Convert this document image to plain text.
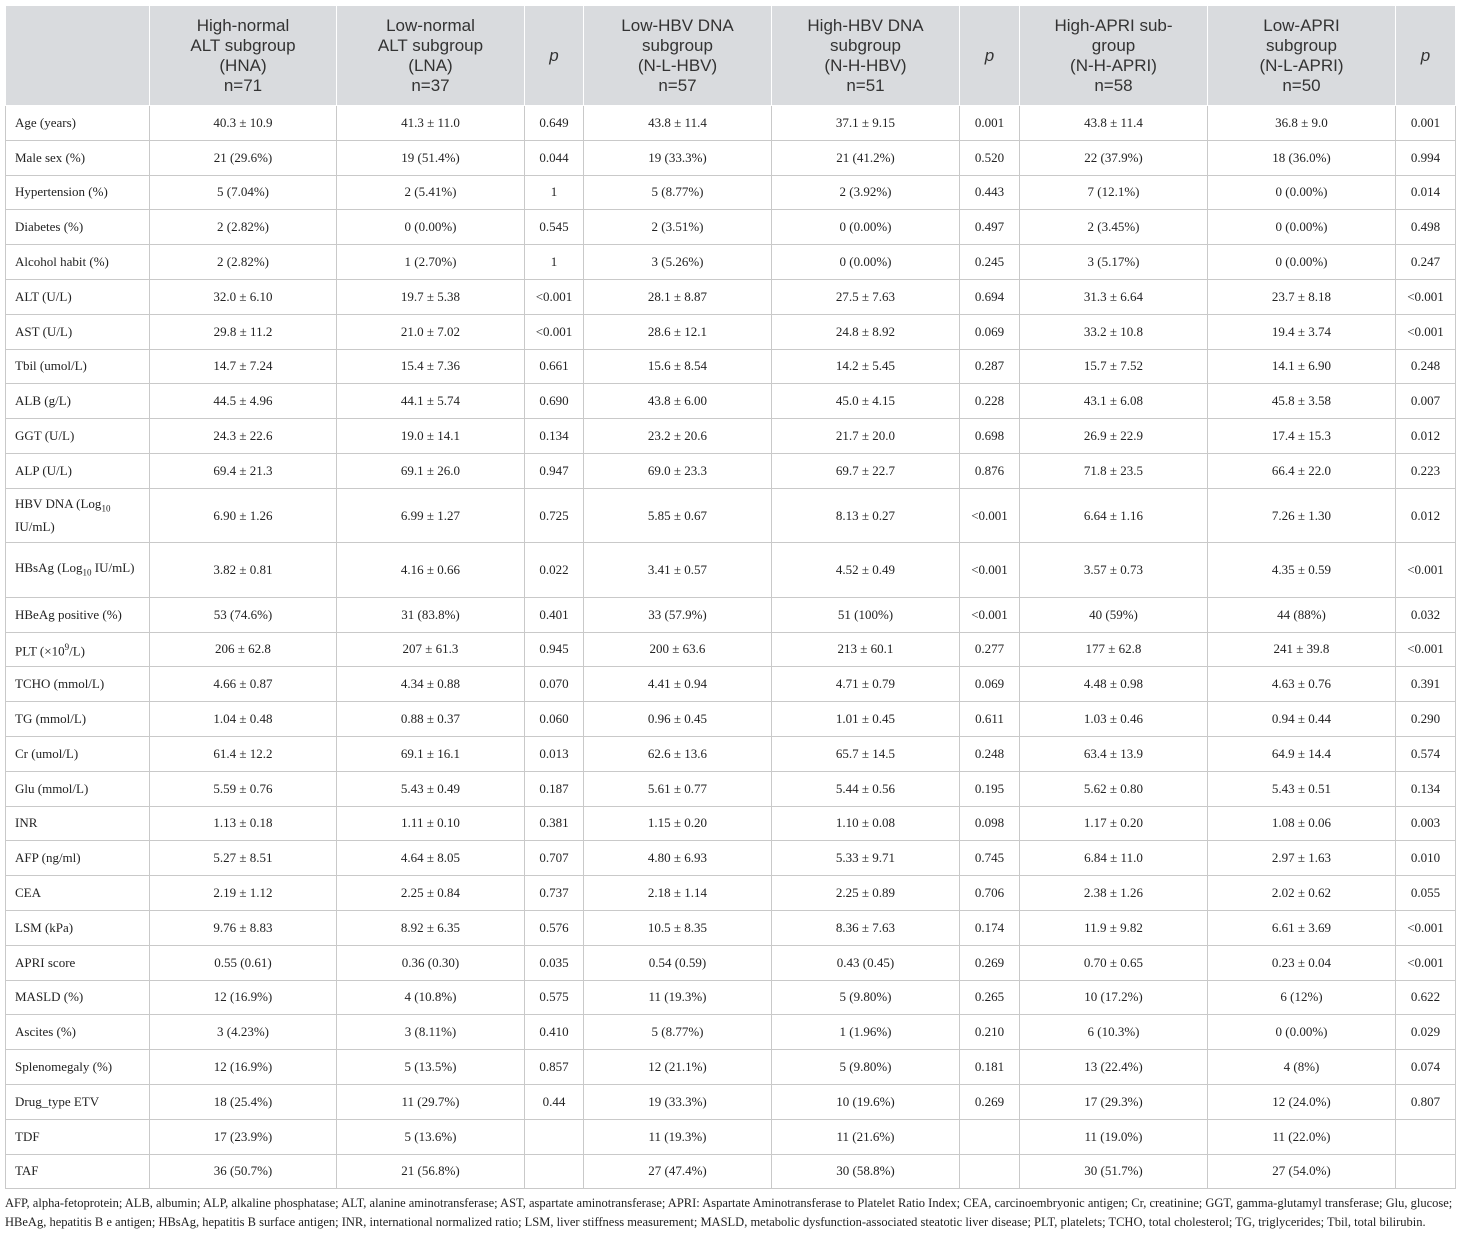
	High-normal
ALT subgroup
(HNA)
n=71	Low-normal
ALT subgroup
(LNA)
n=37	p	Low-HBV DNA
subgroup
(N-L-HBV)
n=57	High-HBV DNA
subgroup
(N-H-HBV)
n=51	p	High-APRI sub-
group
(N-H-APRI)
n=58	Low-APRI
subgroup
(N-L-APRI)
n=50	p

Age (years)	40.3 ± 10.9	41.3 ± 11.0	0.649	43.8 ± 11.4	37.1 ± 9.15	0.001	43.8 ± 11.4	36.8 ± 9.0	0.001
Male sex (%)	21 (29.6%)	19 (51.4%)	0.044	19 (33.3%)	21 (41.2%)	0.520	22 (37.9%)	18 (36.0%)	0.994
Hypertension (%)	5 (7.04%)	2 (5.41%)	1	5 (8.77%)	2 (3.92%)	0.443	7 (12.1%)	0 (0.00%)	0.014
Diabetes (%)	2 (2.82%)	0 (0.00%)	0.545	2 (3.51%)	0 (0.00%)	0.497	2 (3.45%)	0 (0.00%)	0.498
Alcohol habit (%)	2 (2.82%)	1 (2.70%)	1	3 (5.26%)	0 (0.00%)	0.245	3 (5.17%)	0 (0.00%)	0.247
ALT (U/L)	32.0 ± 6.10	19.7 ± 5.38	<0.001	28.1 ± 8.87	27.5 ± 7.63	0.694	31.3 ± 6.64	23.7 ± 8.18	<0.001
AST (U/L)	29.8 ± 11.2	21.0 ± 7.02	<0.001	28.6 ± 12.1	24.8 ± 8.92	0.069	33.2 ± 10.8	19.4 ± 3.74	<0.001
Tbil (umol/L)	14.7 ± 7.24	15.4 ± 7.36	0.661	15.6 ± 8.54	14.2 ± 5.45	0.287	15.7 ± 7.52	14.1 ± 6.90	0.248
ALB (g/L)	44.5 ± 4.96	44.1 ± 5.74	0.690	43.8 ± 6.00	45.0 ± 4.15	0.228	43.1 ± 6.08	45.8 ± 3.58	0.007
GGT (U/L)	24.3 ± 22.6	19.0 ± 14.1	0.134	23.2 ± 20.6	21.7 ± 20.0	0.698	26.9 ± 22.9	17.4 ± 15.3	0.012
ALP (U/L)	69.4 ± 21.3	69.1 ± 26.0	0.947	69.0 ± 23.3	69.7 ± 22.7	0.876	71.8 ± 23.5	66.4 ± 22.0	0.223
HBV DNA (Log$_{10}$ IU/mL)	6.90 ± 1.26	6.99 ± 1.27	0.725	5.85 ± 0.67	8.13 ± 0.27	<0.001	6.64 ± 1.16	7.26 ± 1.30	0.012
HBsAg (Log$_{10}$ IU/mL)	3.82 ± 0.81	4.16 ± 0.66	0.022	3.41 ± 0.57	4.52 ± 0.49	<0.001	3.57 ± 0.73	4.35 ± 0.59	<0.001
HBeAg positive (%)	53 (74.6%)	31 (83.8%)	0.401	33 (57.9%)	51 (100%)	<0.001	40 (59%)	44 (88%)	0.032
PLT $(\times 10^9/L)$	206 ± 62.8	207 ± 61.3	0.945	200 ± 63.6	213 ± 60.1	0.277	177 ± 62.8	241 ± 39.8	<0.001
TCHO (mmol/L)	4.66 ± 0.87	4.34 ± 0.88	0.070	4.41 ± 0.94	4.71 ± 0.79	0.069	4.48 ± 0.98	4.63 ± 0.76	0.391
TG (mmol/L)	1.04 ± 0.48	0.88 ± 0.37	0.060	0.96 ± 0.45	1.01 ± 0.45	0.611	1.03 ± 0.46	0.94 ± 0.44	0.290
Cr (umol/L)	61.4 ± 12.2	69.1 ± 16.1	0.013	62.6 ± 13.6	65.7 ± 14.5	0.248	63.4 ± 13.9	64.9 ± 14.4	0.574
Glu (mmol/L)	5.59 ± 0.76	5.43 ± 0.49	0.187	5.61 ± 0.77	5.44 ± 0.56	0.195	5.62 ± 0.80	5.43 ± 0.51	0.134
INR	1.13 ± 0.18	1.11 ± 0.10	0.381	1.15 ± 0.20	1.10 ± 0.08	0.098	1.17 ± 0.20	1.08 ± 0.06	0.003
AFP (ng/ml)	5.27 ± 8.51	4.64 ± 8.05	0.707	4.80 ± 6.93	5.33 ± 9.71	0.745	6.84 ± 11.0	2.97 ± 1.63	0.010
CEA	2.19 ± 1.12	2.25 ± 0.84	0.737	2.18 ± 1.14	2.25 ± 0.89	0.706	2.38 ± 1.26	2.02 ± 0.62	0.055
LSM (kPa)	9.76 ± 8.83	8.92 ± 6.35	0.576	10.5 ± 8.35	8.36 ± 7.63	0.174	11.9 ± 9.82	6.61 ± 3.69	<0.001
APRI score	0.55 (0.61)	0.36 (0.30)	0.035	0.54 (0.59)	0.43 (0.45)	0.269	0.70 ± 0.65	0.23 ± 0.04	<0.001
MASLD (%)	12 (16.9%)	4 (10.8%)	0.575	11 (19.3%)	5 (9.80%)	0.265	10 (17.2%)	6 (12%)	0.622
Ascites (%)	3 (4.23%)	3 (8.11%)	0.410	5 (8.77%)	1 (1.96%)	0.210	6 (10.3%)	0 (0.00%)	0.029
Splenomegaly (%)	12 (16.9%)	5 (13.5%)	0.857	12 (21.1%)	5 (9.80%)	0.181	13 (22.4%)	4 (8%)	0.074
Drug_type ETV	18 (25.4%)	11 (29.7%)	0.44	19 (33.3%)	10 (19.6%)	0.269	17 (29.3%)	12 (24.0%)	0.807
TDF	17 (23.9%)	5 (13.6%)		11 (19.3%)	11 (21.6%)		11 (19.0%)	11 (22.0%)	
TAF	36 (50.7%)	21 (56.8%)		27 (47.4%)	30 (58.8%)		30 (51.7%)	27 (54.0%)	

AFP, alpha-fetoprotein; ALB, albumin; ALP, alkaline phosphatase; ALT, alanine aminotransferase; AST, aspartate aminotransferase; APRI: Aspartate Aminotransferase to Platelet Ratio Index; CEA, carcinoembryonic antigen; Cr, creatinine; GGT, gamma-glutamyl transferase; Glu, glucose; HBeAg, hepatitis B e antigen; HBsAg, hepatitis B surface antigen; INR, international normalized ratio; LSM, liver stiffness measurement; MASLD, metabolic dysfunction-associated steatotic liver disease; PLT, platelets; TCHO, total cholesterol; TG, triglycerides; Tbil, total bilirubin.
